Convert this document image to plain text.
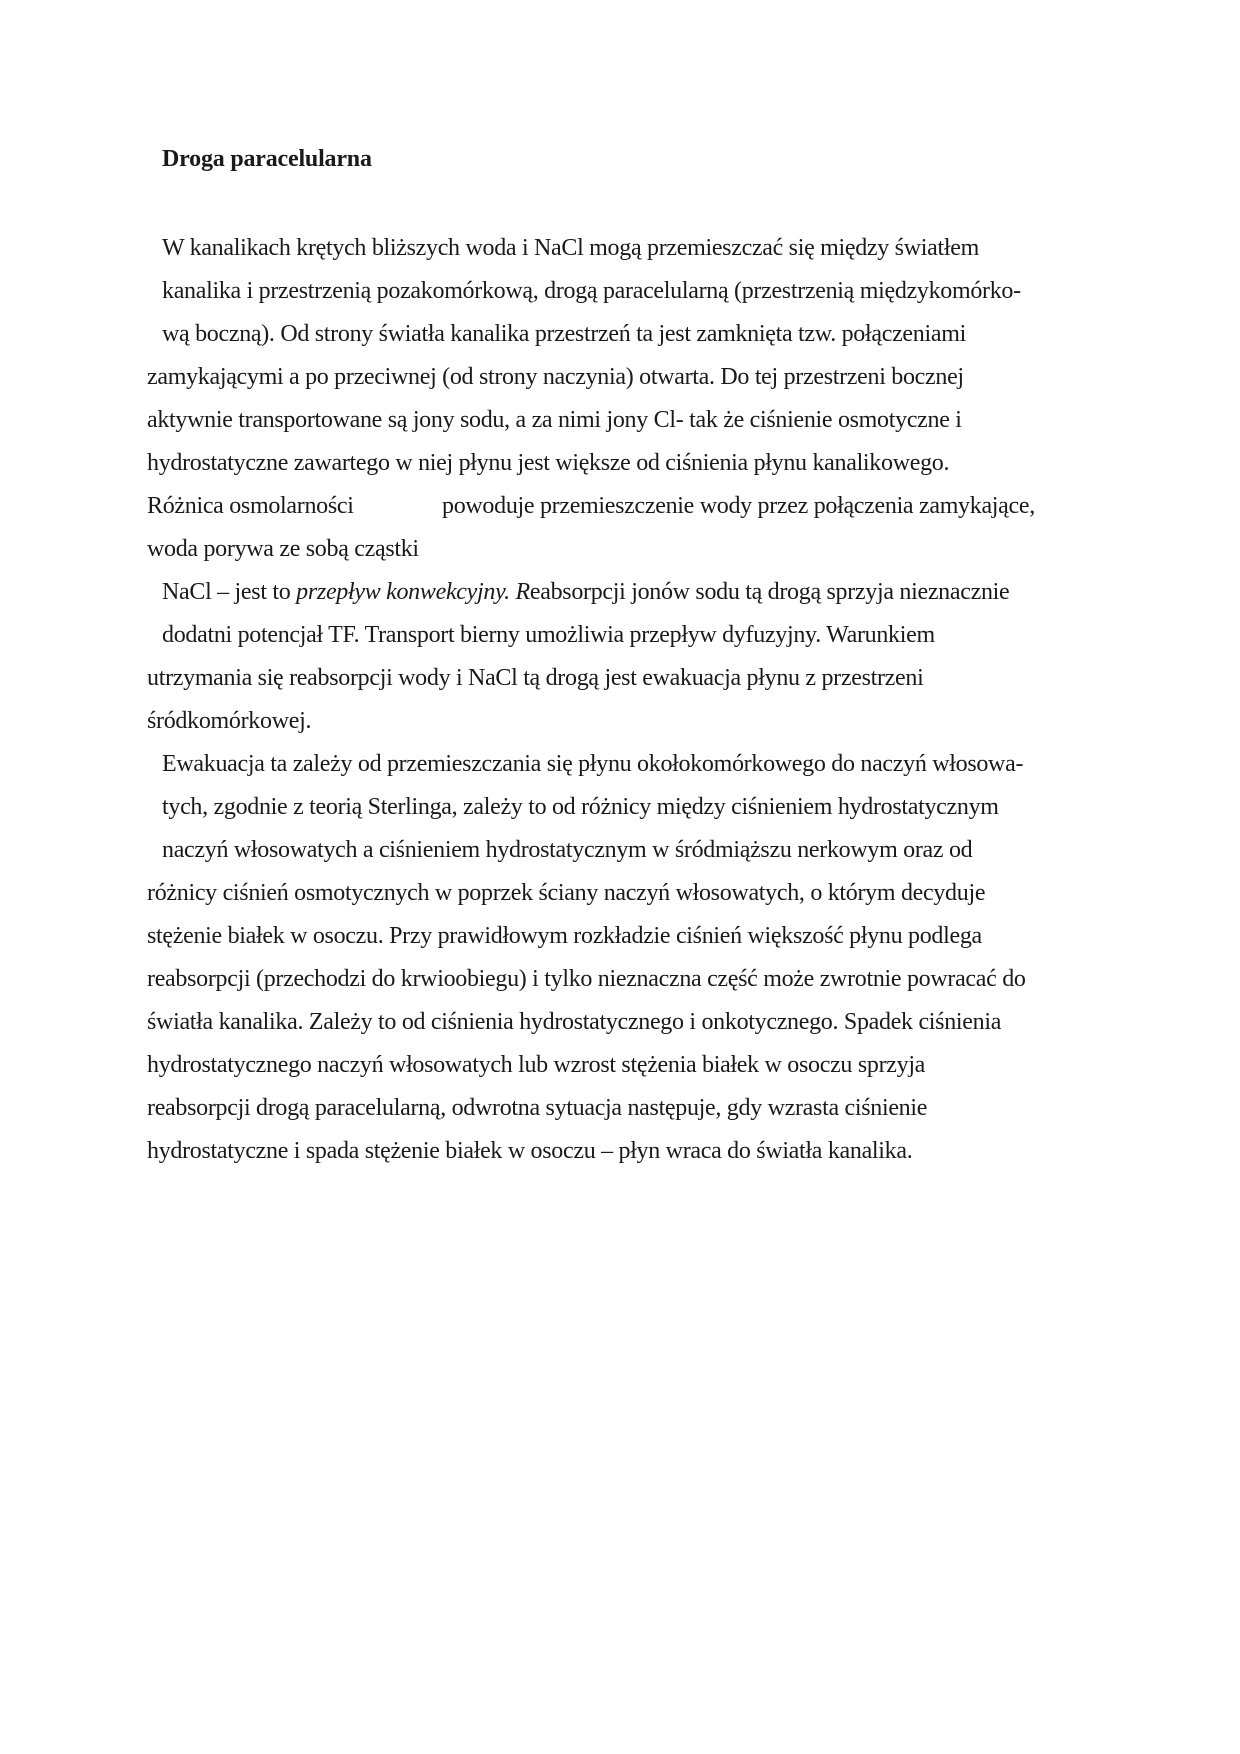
Droga paracelularna
W kanalikach krętych bliższych woda i NaCl mogą przemieszczać się między światłem
kanalika i przestrzenią pozakomórkową, drogą paracelularną (przestrzenią międzykomórko-
wą boczną). Od strony światła kanalika przestrzeń ta jest zamknięta tzw. połączeniami
zamykającymi a po przeciwnej (od strony naczynia) otwarta. Do tej przestrzeni bocznej
aktywnie transportowane są jony sodu, a za nimi jony Cl- tak że ciśnienie osmotyczne i
hydrostatyczne zawartego w niej płynu jest większe od ciśnienia płynu kanalikowego.
Różnica osmolarności	powoduje przemieszczenie wody przez połączenia zamykające,
woda porywa ze sobą cząstki
NaCl – jest to przepływ konwekcyjny. Reabsorpcji jonów sodu tą drogą sprzyja nieznacznie
dodatni potencjał TF. Transport bierny umożliwia przepływ dyfuzyjny. Warunkiem
utrzymania się reabsorpcji wody i NaCl tą drogą jest ewakuacja płynu z przestrzeni
śródkomórkowej.
Ewakuacja ta zależy od przemieszczania się płynu okołokomórkowego do naczyń włosowa-
tych, zgodnie z teorią Sterlinga, zależy to od różnicy między ciśnieniem hydrostatycznym
naczyń włosowatych a ciśnieniem hydrostatycznym w śródmiąższu nerkowym oraz od
różnicy ciśnień osmotycznych w poprzek ściany naczyń włosowatych, o którym decyduje
stężenie białek w osoczu. Przy prawidłowym rozkładzie ciśnień większość płynu podlega
reabsorpcji (przechodzi do krwioobiegu) i tylko nieznaczna część może zwrotnie powracać do
światła kanalika. Zależy to od ciśnienia hydrostatycznego i onkotycznego. Spadek ciśnienia
hydrostatycznego naczyń włosowatych lub wzrost stężenia białek w osoczu sprzyja
reabsorpcji drogą paracelularną, odwrotna sytuacja następuje, gdy wzrasta ciśnienie
hydrostatyczne i spada stężenie białek w osoczu – płyn wraca do światła kanalika.
